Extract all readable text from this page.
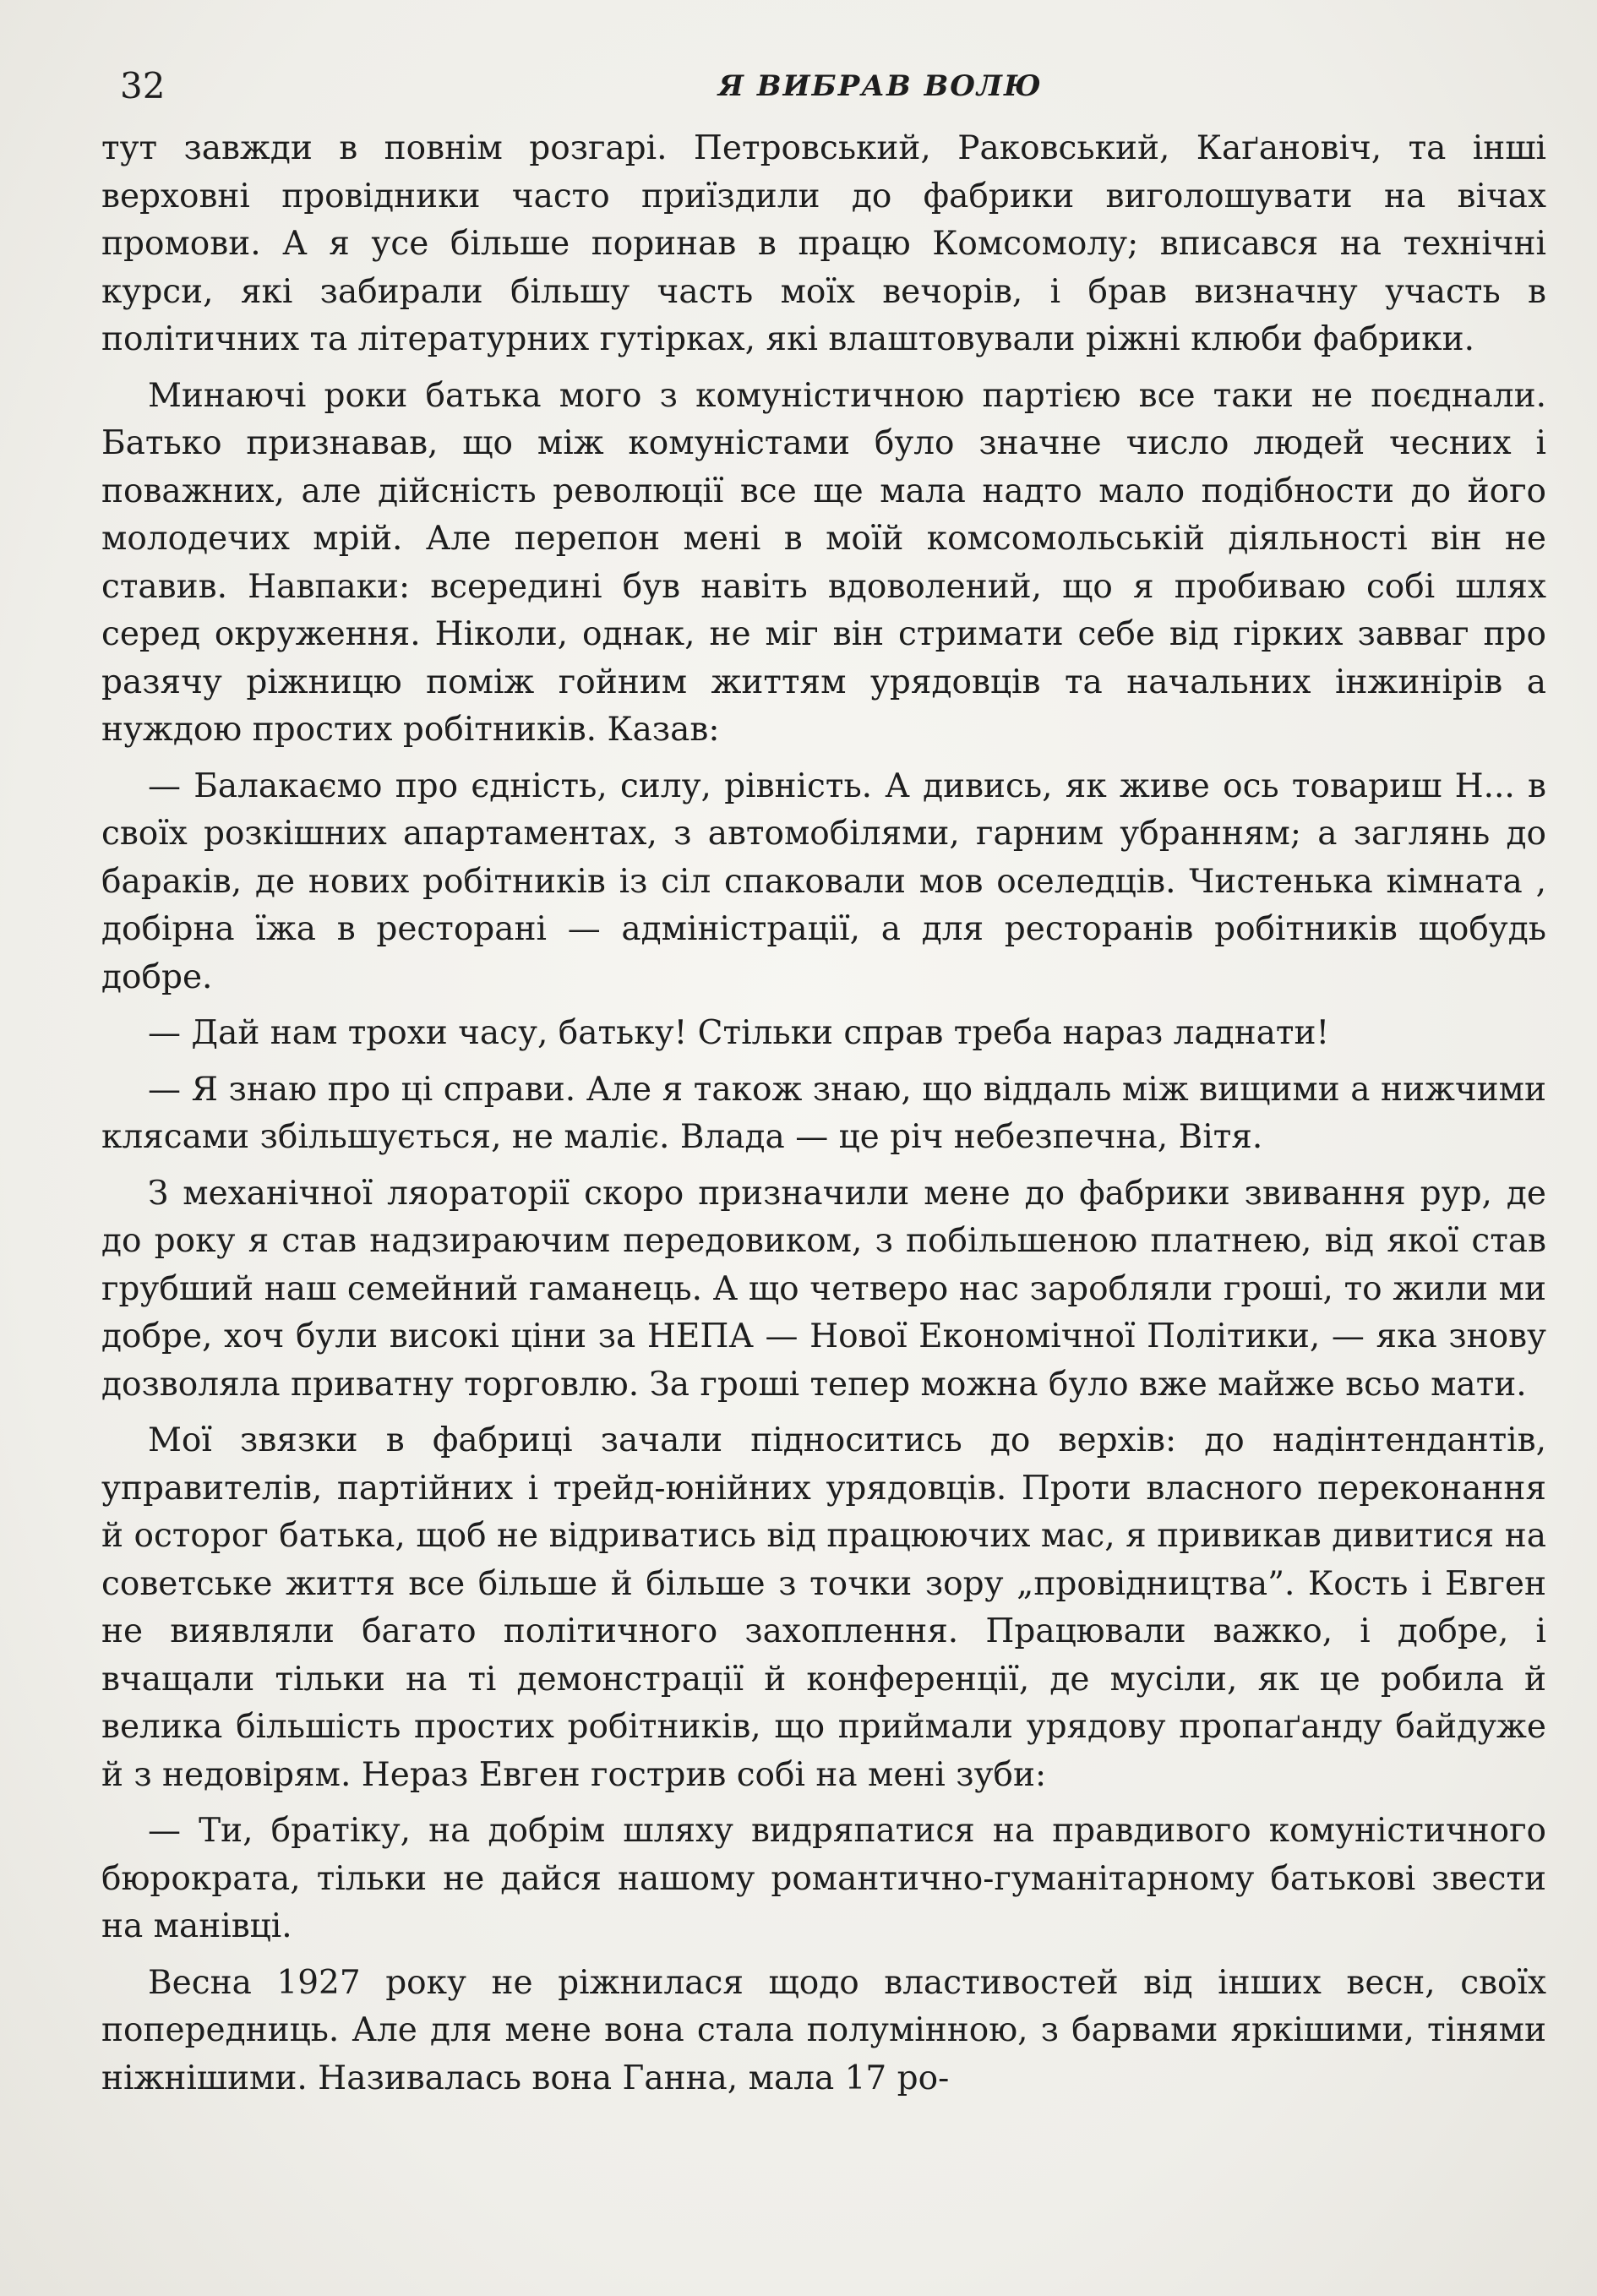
32	Я ВИБРАВ ВОЛЮ

тут завжди в повнім розгарі. Петровський, Раковський, Каґановіч, та інші верховні провідники часто приїздили до фабрики виголошувати на вічах промови. А я усе більше поринав в працю Комсомолу; вписався на технічні курси, які забирали більшу часть моїх вечорів, і брав визначну участь в політичних та літературних гутірках, які влаштовували ріжні клюби фабрики.

Минаючі роки батька мого з комуністичною партією все таки не поєднали. Батько признавав, що між комуністами було значне число людей чесних і поважних, але дійсність революції все ще мала надто мало подібности до його молодечих мрій. Але перепон мені в моїй комсомольській діяльності він не ставив. Навпаки: всередині був навіть вдоволений, що я пробиваю собі шлях серед окруження. Ніколи, однак, не міг він стримати себе від гірких завваг про разячу ріжницю поміж гойним життям урядовців та начальних інжинірів а нуждою простих робітників. Казав:

— Балакаємо про єдність, силу, рівність. А дивись, як живе ось товариш Н... в своїх розкішних апартаментах, з автомобілями, гарним убранням; а заглянь до бараків, де нових робітників із сіл спаковали мов оселедців. Чистенька кімната , добірна їжа в ресторані — адміністрації, а для ресторанів робітників щобудь добре.

— Дай нам трохи часу, батьку! Стільки справ треба нараз ладнати!

— Я знаю про ці справи. Але я також знаю, що віддаль між вищими а нижчими клясами збільшується, не маліє. Влада — це річ небезпечна, Вітя.

З механічної ляораторії скоро призначили мене до фабрики звивання рур, де до року я став надзираючим передовиком, з побільшеною платнею, від якої став грубший наш семейний гаманець. А що четверо нас заробляли гроші, то жили ми добре, хоч були високі ціни за НЕПА — Нової Економічної Політики, — яка знову дозволяла приватну торговлю. За гроші тепер можна було вже майже всьо мати.

Мої звязки в фабриці зачали підноситись до верхів: до надінтендантів, управителів, партійних і трейд-юнійних урядовців. Проти власного переконання й осторог батька, щоб не відриватись від працюючих мас, я привикав дивитися на советське життя все більше й більше з точки зору „провідництва”. Кость і Евген не виявляли багато політичного захоплення. Працювали важко, і добре, і вчащали тільки на ті демонстрації й конференції, де мусіли, як це робила й велика більшість простих робітників, що приймали урядову пропаґанду байдуже й з недовірям. Нераз Евген гострив собі на мені зуби:

— Ти, братіку, на добрім шляху видряпатися на правдивого комуністичного бюрократа, тільки не дайся нашому романтично-гуманітарному батькові звести на манівці.

Весна 1927 року не ріжнилася щодо властивостей від інших весн, своїх попередниць. Але для мене вона стала полумінною, з барвами яркішими, тінями ніжнішими. Називалась вона Ганна, мала 17 ро-
